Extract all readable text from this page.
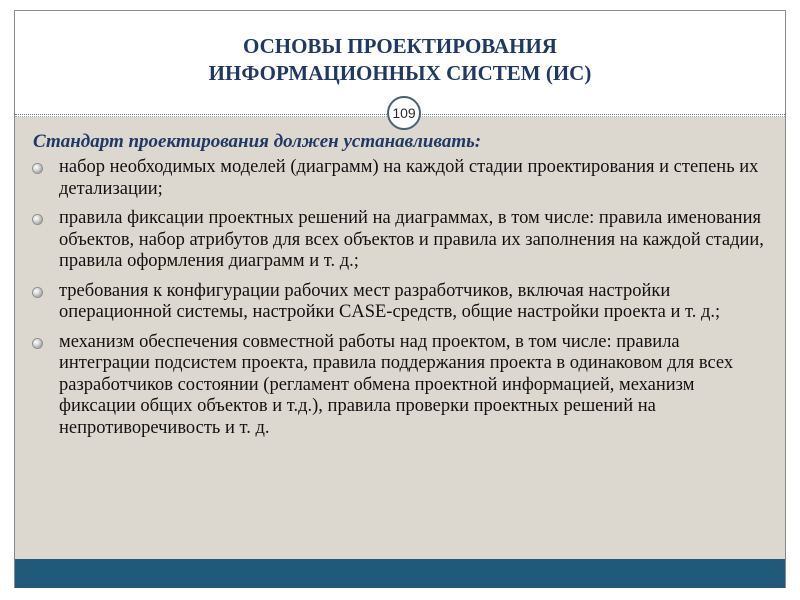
ОСНОВЫ ПРОЕКТИРОВАНИЯ
ИНФОРМАЦИОННЫХ СИСТЕМ (ИС)
109

Стандарт проектирования должен устанавливать:

набор необходимых моделей (диаграмм) на каждой стадии проектирования и степень их детализации;
правила фиксации проектных решений на диаграммах, в том числе: правила именования объектов, набор атрибутов для всех объектов и правила их заполнения на каждой стадии, правила оформления диаграмм и т. д.;
требования к конфигурации рабочих мест разработчиков, включая настройки операционной системы, настройки CASE-средств, общие настройки проекта и т. д.;
механизм обеспечения совместной работы над проектом, в том числе: правила интеграции подсистем проекта, правила поддержания проекта в одинаковом для всех разработчиков состоянии (регламент обмена проектной информацией, механизм фиксации общих объектов и т.д.), правила проверки проектных решений на непротиворечивость и т. д.
